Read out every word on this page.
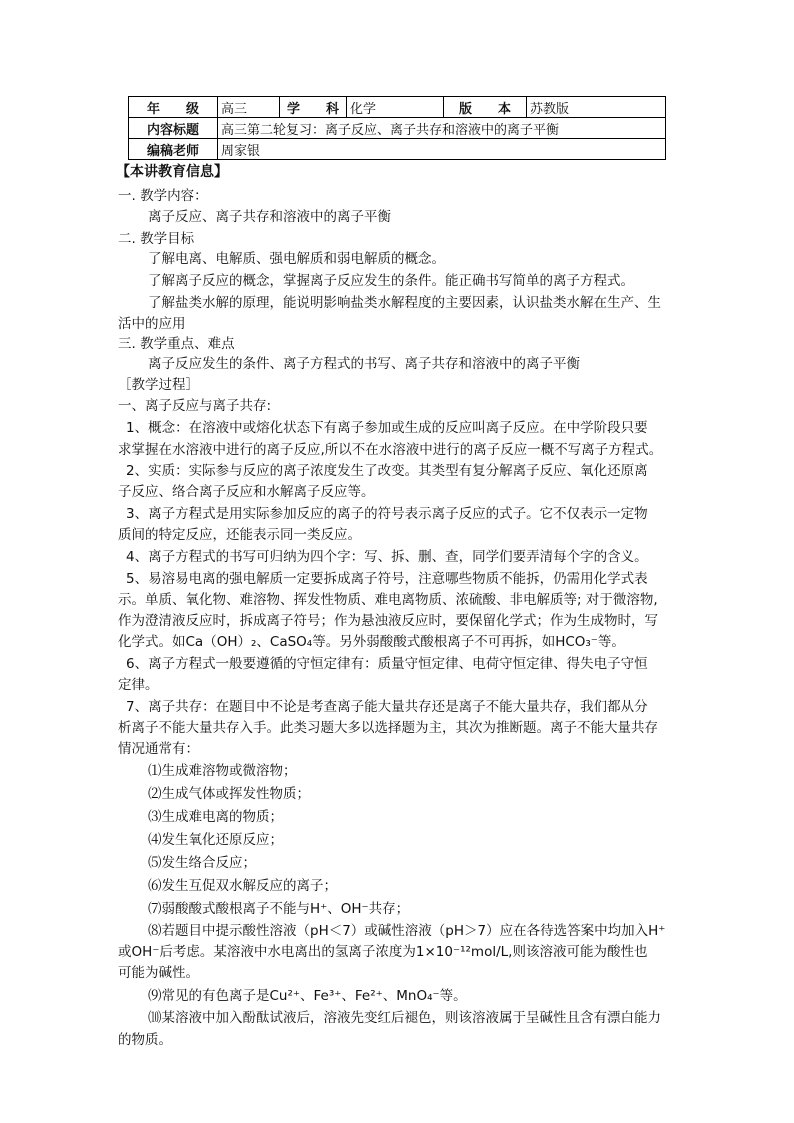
年　　级	高三	学　　科	化学	版　　本	苏教版
内容标题	高三第二轮复习：离子反应、离子共存和溶液中的离子平衡				
编稿老师	周家银				
【本讲教育信息】
一. 教学内容：
离子反应、离子共存和溶液中的离子平衡
二. 教学目标
了解电离、电解质、强电解质和弱电解质的概念。
了解离子反应的概念，掌握离子反应发生的条件。能正确书写简单的离子方程式。
了解盐类水解的原理，能说明影响盐类水解程度的主要因素，认识盐类水解在生产、生
活中的应用
三. 教学重点、难点
离子反应发生的条件、离子方程式的书写、离子共存和溶液中的离子平衡
［教学过程］
一、离子反应与离子共存:
1、概念：在溶液中或熔化状态下有离子参加或生成的反应叫离子反应。在中学阶段只要
求掌握在水溶液中进行的离子反应,所以不在水溶液中进行的离子反应一概不写离子方程式。
2、实质：实际参与反应的离子浓度发生了改变。其类型有复分解离子反应、氧化还原离
子反应、络合离子反应和水解离子反应等。
3、离子方程式是用实际参加反应的离子的符号表示离子反应的式子。它不仅表示一定物
质间的特定反应，还能表示同一类反应。
4、离子方程式的书写可归纳为四个字：写、拆、删、查，同学们要弄清每个字的含义。
5、易溶易电离的强电解质一定要拆成离子符号，注意哪些物质不能拆，仍需用化学式表
示。单质、氧化物、难溶物、挥发性物质、难电离物质、浓硫酸、非电解质等; 对于微溶物,
作为澄清液反应时，拆成离子符号；作为悬浊液反应时，要保留化学式；作为生成物时，写
化学式。如Ca（OH）₂、CaSO₄等。另外弱酸酸式酸根离子不可再拆，如HCO₃⁻等。
6、离子方程式一般要遵循的守恒定律有：质量守恒定律、电荷守恒定律、得失电子守恒
定律。
7、离子共存：在题目中不论是考查离子能大量共存还是离子不能大量共存，我们都从分
析离子不能大量共存入手。此类习题大多以选择题为主，其次为推断题。离子不能大量共存
情况通常有：
⑴生成难溶物或微溶物；
⑵生成气体或挥发性物质；
⑶生成难电离的物质；
⑷发生氧化还原反应；
⑸发生络合反应；
⑹发生互促双水解反应的离子；
⑺弱酸酸式酸根离子不能与H⁺、OH⁻共存；
⑻若题目中提示酸性溶液（pH＜7）或碱性溶液（pH＞7）应在各待选答案中均加入H⁺
或OH⁻后考虑。某溶液中水电离出的氢离子浓度为1×10⁻¹²mol/L,则该溶液可能为酸性也
可能为碱性。
⑼常见的有色离子是Cu²⁺、Fe³⁺、Fe²⁺、MnO₄⁻等。
⑽某溶液中加入酚酞试液后，溶液先变红后褪色，则该溶液属于呈碱性且含有漂白能力
的物质。
